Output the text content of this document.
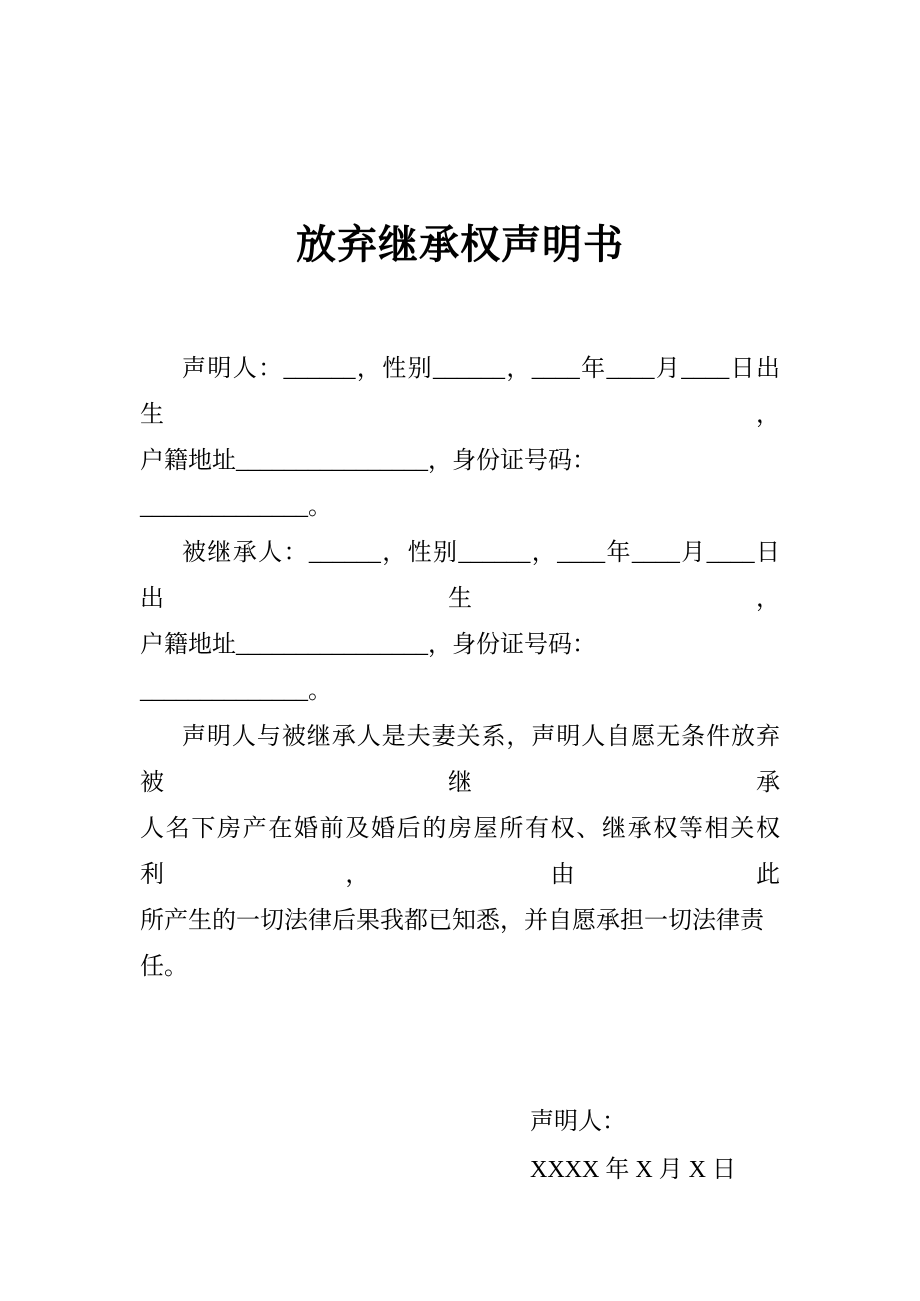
放弃继承权声明书

声明人：______，性别______，____年____月____日出生，

户籍地址________________，身份证号码：______________。

被继承人：______，性别______，____年____月____日出生，

户籍地址________________，身份证号码：______________。

声明人与被继承人是夫妻关系，声明人自愿无条件放弃被继承

人名下房产在婚前及婚后的房屋所有权、继承权等相关权利，由此

所产生的一切法律后果我都已知悉，并自愿承担一切法律责任。

声明人：

XXXX 年 X 月 X 日
